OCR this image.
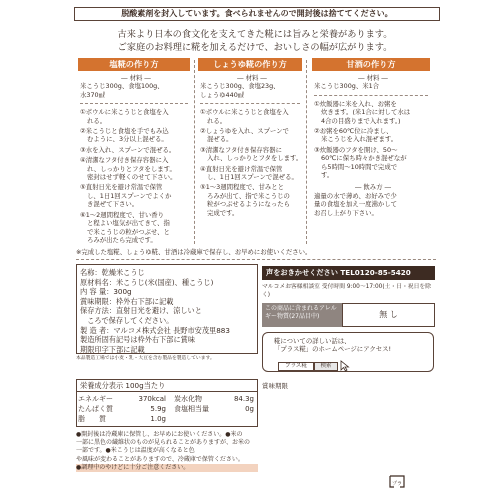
脱酸素剤を封入しています。食べられませんので開封後は捨ててください。
古来より日本の食文化を支えてきた糀には旨みと栄養があります。
ご家庭のお料理に糀を加えるだけで、おいしさの幅が広がります。
塩糀の作り方
― 材料 ―
米こうじ300g、食塩100g、
水370㎖
①ボウルに米こうじと食塩を入
れる。
②米こうじと食塩を手でもみ込
むように、3分以上混ぜる。
③水を入れ、スプーンで混ぜる。
④清潔なフタ付き保存容器に入
れ、しっかりとフタをします。
密封はせず軽くのせて下さい。
⑤直射日光を避け常温で保管
し、1日1回スプーンでよくか
き混ぜて下さい。
⑥1～2週間程度で、甘い香り
と程よい塩気が出てきて、指
で米こうじの粒がつぶせ、と
ろみが出たら完成です。
しょうゆ糀の作り方
― 材料 ―
米こうじ300g、食塩23g、
しょうゆ440㎖
①ボウルに米こうじと食塩を入
れる。
②しょうゆを入れ、スプーンで
混ぜる。
③清潔なフタ付き保存容器に
入れ、しっかりとフタをします。
④直射日光を避け常温で保管
し、1日1回スプーンで混ぜる。
⑤1～3週間程度で、甘みとと
ろみが出て、指で米こうじの
粒がつぶせるようになったら
完成です。
甘酒の作り方
― 材料 ―
米こうじ300g、米1合
①炊飯器に米を入れ、お粥を
炊きます。(米1合に対して水は
4合の目盛りまで入れます。)
②お粥を60℃位に冷まし、
米こうじを入れ混ぜます。
③炊飯器のフタを開け、50～
60℃に保ち時々かき混ぜなが
ら5時間～10時間で完成で
す。
― 飲み方 ―
適量の水で薄め、お好みで少
量の食塩を加え一度沸かして
お召し上がり下さい。
※完成した塩糀、しょうゆ糀、甘酒は冷蔵庫で保存し、お早めにお使いください。
名称：乾燥米こうじ
原材料名：米こうじ(米(国産)、種こうじ)
内 容 量：300g
賞味期限：枠外右下部に記載
保存方法：直射日光を避け、涼しいと
　ころで保存してください。
製 造 者：マルコメ株式会社 長野市安茂里883
製造所固有記号は枠外右下部に賞味
期限印字下部に記載
本品製造工場では小麦・乳・大豆を含む製品を製造しています。
栄養成分表示 100g当たり
エネルギー	370kcal 炭水化物	84.3g
たんぱく質	5.9g 食塩相当量	0g
脂　　質	1.0g
声をおきかせください TEL0120-85-5420
マルコメお客様相談室 受付時間 9:00～17:00(土・日・祝日を除く)
この商品に含まれるアレルギー物質(27品目中)	無 し
糀についての詳しい話は、
「プラス糀」のホームページにアクセス!
プラス糀	検索
賞味期限
●開封後は冷蔵庫に保管し、お早めにお使いください。●米の
一部に黒色の繊維状のものが見られることがありますが、お米の
一部です。●米こうじは温度が高くなると色
や風味が変わることがありますので、冷蔵庫で保管ください。
●調理中のやけどに十分ご注意ください。
プラ
